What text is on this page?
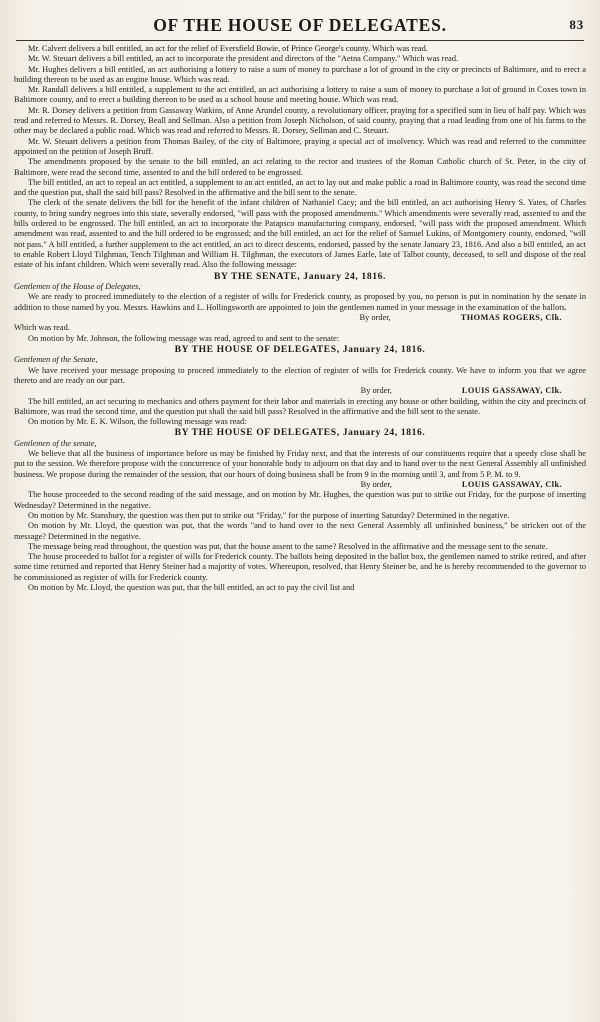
OF THE HOUSE OF DELEGATES.	83

Mr. Calvert delivers a bill entitled, an act for the relief of Eversfield Bowie, of Prince George's county. Which was read.

Mr. W. Steuart delivers a bill entitled, an act to incorporate the president and directors of the "Aetna Company." Which was read.

Mr. Hughes delivers a bill entitled, an act authorising a lottery to raise a sum of money to purchase a lot of ground in the city or precincts of Baltimore, and to erect a building thereon to be used as an engine house. Which was read.

Mr. Randall delivers a bill entitled, a supplement to the act entitled, an act authorising a lottery to raise a sum of money to purchase a lot of ground in Coxes town in Baltimore county, and to erect a building thereon to be used as a school house and meeting house. Which was read.

Mr. R. Dorsey delivers a petition from Gassaway Watkins, of Anne Arundel county, a revolutionary officer, praying for a specified sum in lieu of half pay. Which was read and referred to Messrs. R. Dorsey, Beall and Sellman. Also a petition from Joseph Nicholson, of said county, praying that a road leading from one of his farms to the other may be declared a public road. Which was read and referred to Messrs. R. Dorsey, Sellman and C. Steuart.

Mr. W. Steuart delivers a petition from Thomas Bailey, of the city of Baltimore, praying a special act of insolvency. Which was read and referred to the committee appointed on the petition of Joseph Bruff.

The amendments proposed by the senate to the bill entitled, an act relating to the rector and trustees of the Roman Catholic church of St. Peter, in the city of Baltimore, were read the second time, assented to and the bill ordered to be engrossed.

The bill entitled, an act to repeal an act entitled, a supplement to an act entitled, an act to lay out and make public a road in Baltimore county, was read the second time and the question put, shall the said bill pass? Resolved in the affirmative and the bill sent to the senate.

The clerk of the senate delivers the bill for the benefit of the infant children of Nathaniel Cacy; and the bill entitled, an act authorising Henry S. Yates, of Charles county, to bring sundry negroes into this state, severally endorsed, "will pass with the proposed amendments." Which amendments were severally read, assented to and the bills ordered to be engrossed. The bill entitled, an act to incorporate the Patapsco manufacturing company, endorsed, "will pass with the proposed amendment. Which amendment was read, assented to and the bill ordered to be engrossed; and the bill entitled, an act for the relief of Samuel Lukins, of Montgomery county, endorsed, "will not pass." A bill entitled, a further supplement to the act entitled, an act to direct descents, endorsed, passed by the senate January 23, 1816. And also a bill entitled, an act to enable Robert Lloyd Tilghman, Tench Tilghman and William H. Tilghman, the executors of James Earle, late of Talbot county, deceased, to sell and dispose of the real estate of his infant children. Which were severally read. Also the following message:

BY THE SENATE, January 24, 1816.

Gentlemen of the House of Delegates,

We are ready to proceed immediately to the election of a register of wills for Frederick county, as proposed by you, no person is put in nomination by the senate in addition to those named by you. Messrs. Hawkins and L. Hollingsworth are appointed to join the gentlemen named in your message in the examination of the ballots.

By order,	THOMAS ROGERS, Clk.

Which was read.

On motion by Mr. Johnson, the following message was read, agreed to and sent to the senate:

BY THE HOUSE OF DELEGATES, January 24, 1816.

Gentlemen of the Senate,

We have received your message proposing to proceed immediately to the election of register of wills for Frederick county. We have to inform you that we agree thereto and are ready on our part.

By order,	LOUIS GASSAWAY, Clk.

The bill entitled, an act securing to mechanics and others payment for their labor and materials in erecting any house or other building, within the city and precincts of Baltimore, was read the second time, and the question put shall the said bill pass? Resolved in the affirmative and the bill sent to the senate.

On motion by Mr. E. K. Wilson, the following message was read:

BY THE HOUSE OF DELEGATES, January 24, 1816.

Gentlemen of the senate,

We believe that all the business of importance before us may be finished by Friday next, and that the interests of our constituents require that a speedy close shall be put to the session. We therefore propose with the concurrence of your honorable body to adjourn on that day and to hand over to the next General Assembly all unfinished business. We propose during the remainder of the session, that our hours of doing business shall be from 9 in the morning until 3, and from 5 P. M. to 9.

By order,	LOUIS GASSAWAY, Clk.

The house proceeded to the second reading of the said message, and on motion by Mr. Hughes, the question was put to strike out Friday, for the purpose of inserting Wednesday? Determined in the negative.

On motion by Mr. Stansbury, the question was then put to strike out "Friday," for the purpose of inserting Saturday? Determined in the negative.

On motion by Mr. Lloyd, the question was put, that the words "and to hand over to the next General Assembly all unfinished business," be stricken out of the message? Determined in the negative.

The message being read throughout, the question was put, that the house assent to the same? Resolved in the affirmative and the message sent to the senate.

The house proceeded to ballot for a register of wills for Frederick county. The ballots being deposited in the ballot box, the gentlemen named to strike retired, and after some time returned and reported that Henry Steiner had a majority of votes. Whereupon, resolved, that Henry Steiner be, and he is hereby recommended to the governor to be commissioned as register of wills for Frederick county.

On motion by Mr. Lloyd, the question was put, that the bill entitled, an act to pay the civil list and
